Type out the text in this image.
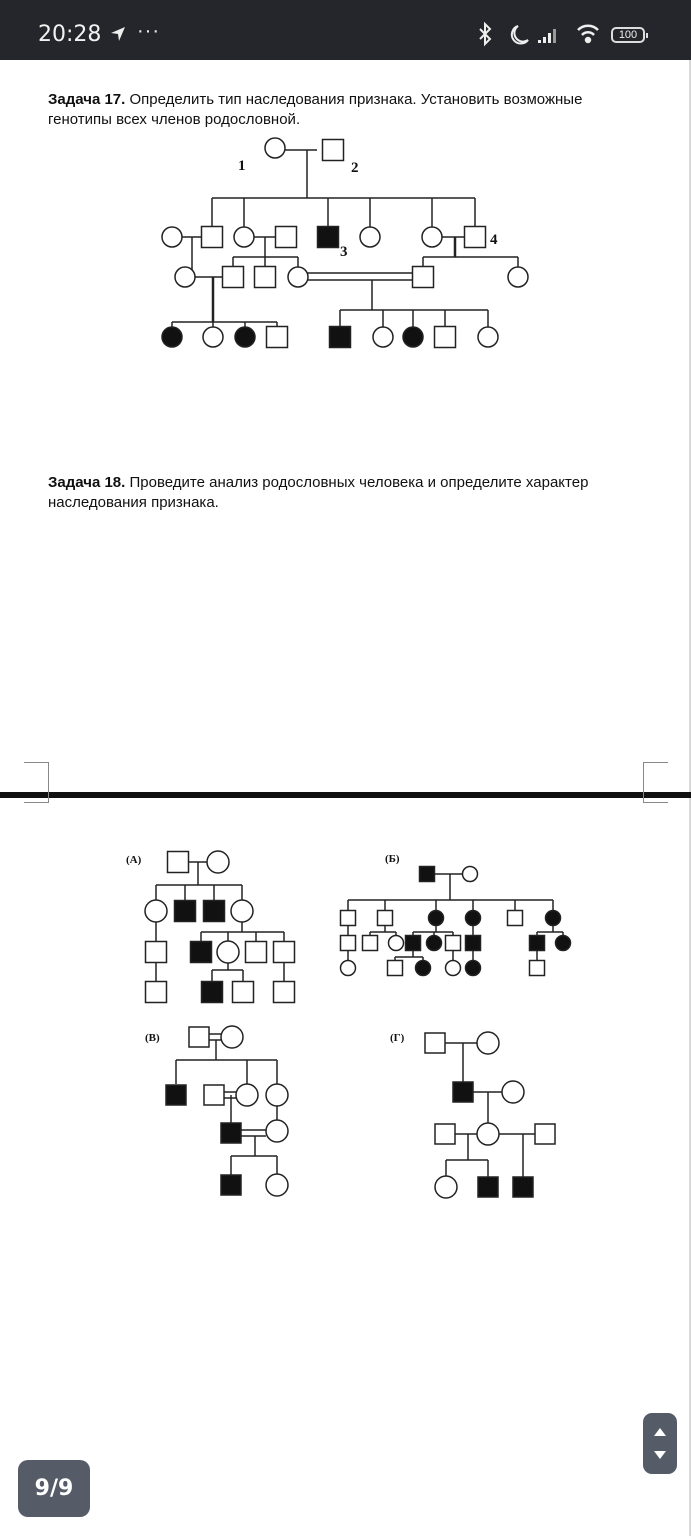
20:28 ···	100
Задача 17. Определить тип наследования признака. Установить возможные генотипы всех членов родословной.
Задача 18. Проведите анализ родословных человека и определите характер наследования признака.
1	2
3
4
(А)	(Б)
(В)	(Г)
9/9
